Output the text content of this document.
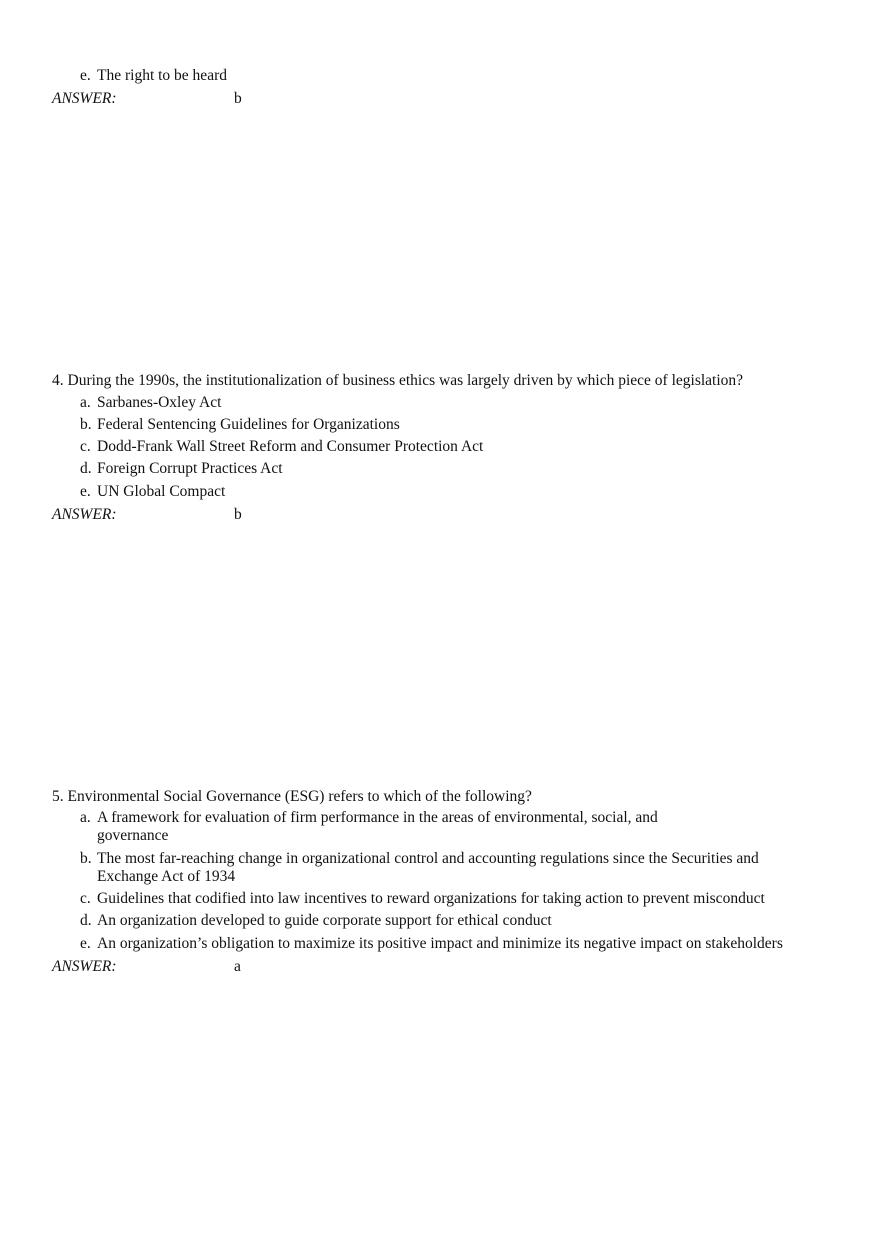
e. The right to be heard
ANSWER:	b
4. During the 1990s, the institutionalization of business ethics was largely driven by which piece of legislation?
a. Sarbanes-Oxley Act
b. Federal Sentencing Guidelines for Organizations
c. Dodd-Frank Wall Street Reform and Consumer Protection Act
d. Foreign Corrupt Practices Act
e. UN Global Compact
ANSWER:	b
5. Environmental Social Governance (ESG) refers to which of the following?
a. A framework for evaluation of firm performance in the areas of environmental, social, and
governance
b. The most far-reaching change in organizational control and accounting regulations since the Securities and
Exchange Act of 1934
c. Guidelines that codified into law incentives to reward organizations for taking action to prevent misconduct
d. An organization developed to guide corporate support for ethical conduct
e. An organization’s obligation to maximize its positive impact and minimize its negative impact on stakeholders
ANSWER:	a
